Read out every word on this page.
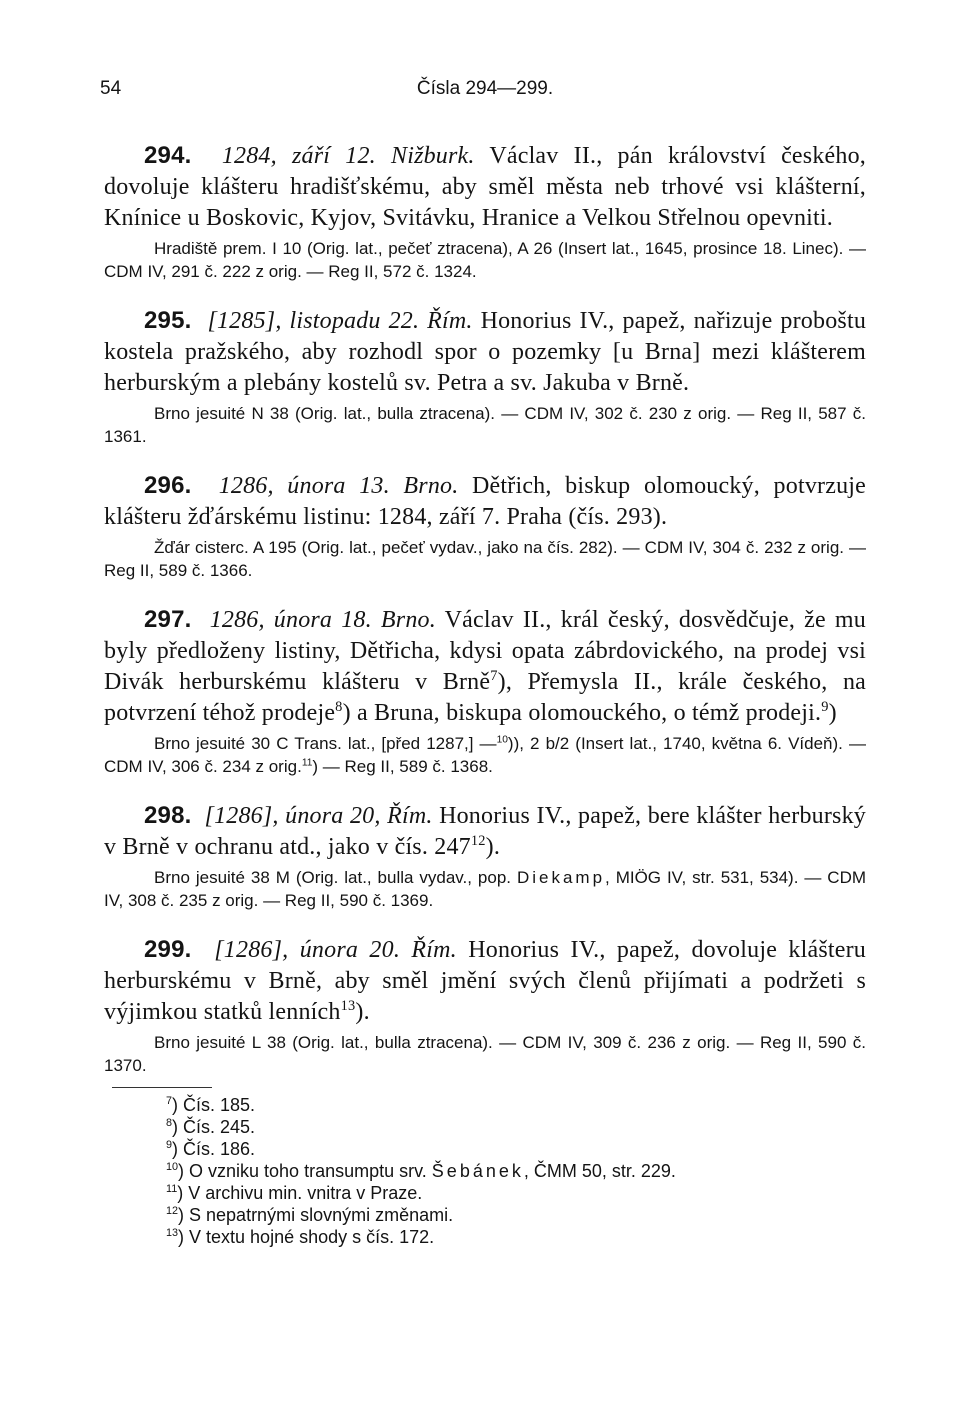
54	Čísla 294—299.
294. 1284, září 12. Nižburk. Václav II., pán království českého, dovoluje klášteru hradišťskému, aby směl města neb trhové vsi klášterní, Knínice u Boskovic, Kyjov, Svitávku, Hranice a Velkou Střelnou opevniti.
Hradiště prem. I 10 (Orig. lat., pečeť ztracena), A 26 (Insert lat., 1645, prosince 18. Linec). — CDM IV, 291 č. 222 z orig. — Reg II, 572 č. 1324.
295. [1285], listopadu 22. Řím. Honorius IV., papež, nařizuje proboštu kostela pražského, aby rozhodl spor o pozemky [u Brna] mezi klášterem herburským a plebány kostelů sv. Petra a sv. Jakuba v Brně.
Brno jesuité N 38 (Orig. lat., bulla ztracena). — CDM IV, 302 č. 230 z orig. — Reg II, 587 č. 1361.
296. 1286, února 13. Brno. Dětřich, biskup olomoucký, potvrzuje klášteru žďárskému listinu: 1284, září 7. Praha (čís. 293).
Žďár cisterc. A 195 (Orig. lat., pečeť vydav., jako na čís. 282). — CDM IV, 304 č. 232 z orig. — Reg II, 589 č. 1366.
297. 1286, února 18. Brno. Václav II., král český, dosvědčuje, že mu byly předloženy listiny, Dětřicha, kdysi opata zábrdovického, na prodej vsi Divák herburskému klášteru v Brně$^7$), Přemysla II., krále českého, na potvrzení téhož prodeje$^8$) a Bruna, biskupa olomouckého, o témž prodeji.$^9$)
Brno jesuité 30 C Trans. lat., [před 1287,] —$^{10}$)), 2 b/2 (Insert lat., 1740, května 6. Vídeň). — CDM IV, 306 č. 234 z orig.$^{11}$) — Reg II, 589 č. 1368.
298. [1286], února 20, Řím. Honorius IV., papež, bere klášter herburský v Brně v ochranu atd., jako v čís. $247^{12}$).
Brno jesuité 38 M (Orig. lat., bulla vydav., pop. Diekamp, MIÖG IV, str. 531, 534). — CDM IV, 308 č. 235 z orig. — Reg II, 590 č. 1369.
299. [1286], února 20. Řím. Honorius IV., papež, dovoluje klášteru herburskému v Brně, aby směl jmění svých členů přijímati a podržeti s výjimkou statků lenních$^{13}$).
Brno jesuité L 38 (Orig. lat., bulla ztracena). — CDM IV, 309 č. 236 z orig. — Reg II, 590 č. 1370.
$^7$) Čís. 185.
$^8$) Čís. 245.
$^9$) Čís. 186.
$^{10}$) O vzniku toho transumptu srv. Šebánek, ČMM 50, str. 229.
$^{11}$) V archivu min. vnitra v Praze.
$^{12}$) S nepatrnými slovnými změnami.
$^{13}$) V textu hojné shody s čís. 172.
